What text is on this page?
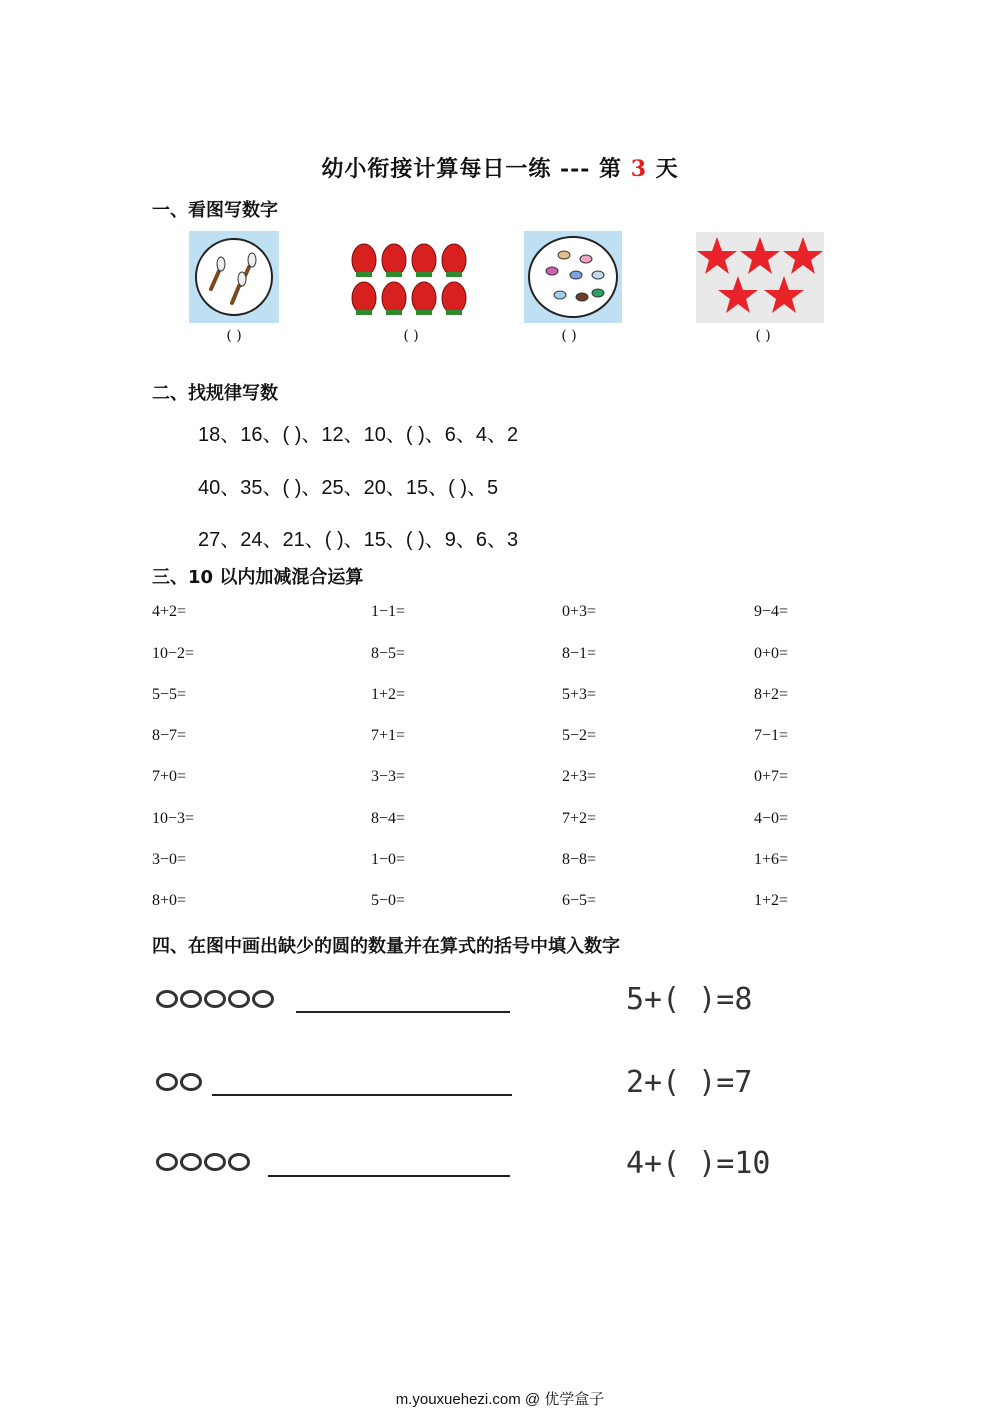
幼小衔接计算每日一练 --- 第 3 天
一、看图写数字
( )	( )	( )	( )
二、找规律写数
18、16、( )、12、10、( )、6、4、2
40、35、( )、25、20、15、( )、5
27、24、21、( )、15、( )、9、6、3
三、10 以内加减混合运算
4+2=	1−1=	0+3=	9−4=
10−2=	8−5=	8−1=	0+0=
5−5=	1+2=	5+3=	8+2=
8−7=	7+1=	5−2=	7−1=
7+0=	3−3=	2+3=	0+7=
10−3=	8−4=	7+2=	4−0=
3−0=	1−0=	8−8=	1+6=
8+0=	5−0=	6−5=	1+2=
四、在图中画出缺少的圆的数量并在算式的括号中填入数字
5+( )=8
2+( )=7
4+( )=10
m.youxuehezi.com @ 优学盒子
